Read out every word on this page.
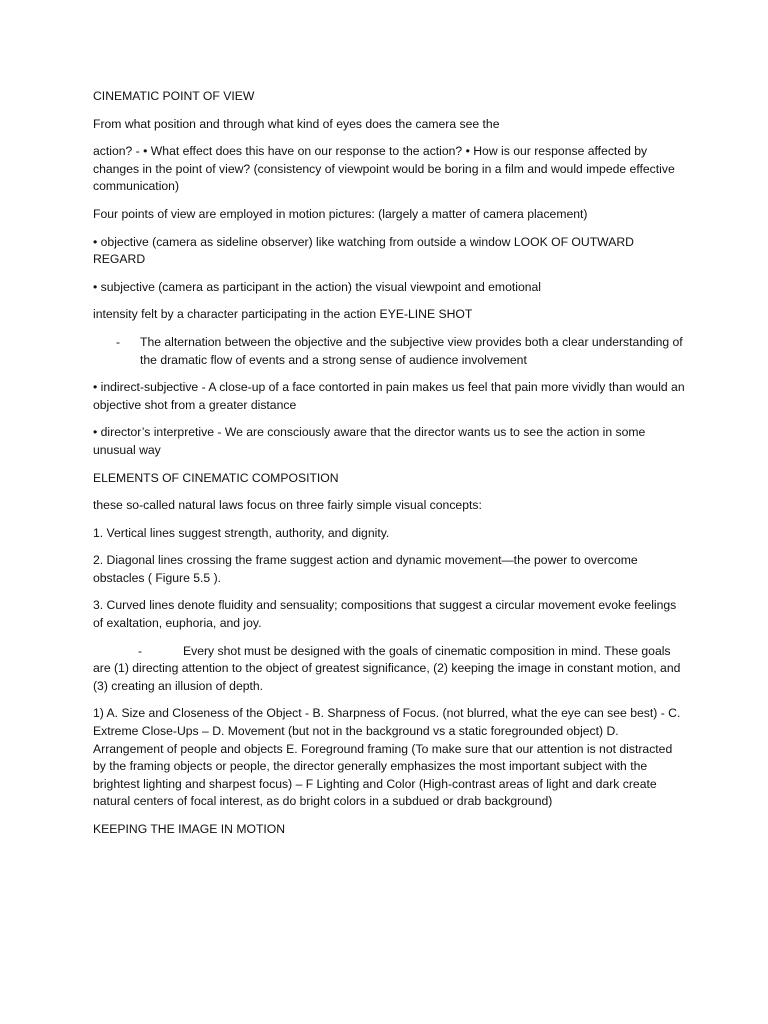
CINEMATIC POINT OF VIEW

From what position and through what kind of eyes does the camera see the

action? - • What effect does this have on our response to the action? • How is our response affected by changes in the point of view? (consistency of viewpoint would be boring in a film and would impede effective communication)

Four points of view are employed in motion pictures: (largely a matter of camera placement)

• objective (camera as sideline observer) like watching from outside a window LOOK OF OUTWARD REGARD

• subjective (camera as participant in the action) the visual viewpoint and emotional

intensity felt by a character participating in the action EYE-LINE SHOT

- The alternation between the objective and the subjective view provides both a clear understanding of the dramatic flow of events and a strong sense of audience involvement

• indirect-subjective - A close-up of a face contorted in pain makes us feel that pain more vividly than would an objective shot from a greater distance

• director’s interpretive - We are consciously aware that the director wants us to see the action in some unusual way

ELEMENTS OF CINEMATIC COMPOSITION

these so-called natural laws focus on three fairly simple visual concepts:

1. Vertical lines suggest strength, authority, and dignity.

2. Diagonal lines crossing the frame suggest action and dynamic movement—the power to overcome obstacles ( Figure 5.5 ).

3. Curved lines denote fluidity and sensuality; compositions that suggest a circular movement evoke feelings of exaltation, euphoria, and joy.

-	Every shot must be designed with the goals of cinematic composition in mind. These goals are (1) directing attention to the object of greatest significance, (2) keeping the image in constant motion, and (3) creating an illusion of depth.

1) A. Size and Closeness of the Object - B. Sharpness of Focus. (not blurred, what the eye can see best) - C. Extreme Close-Ups – D. Movement (but not in the background vs a static foregrounded object) D. Arrangement of people and objects E. Foreground framing (To make sure that our attention is not distracted by the framing objects or people, the director generally emphasizes the most important subject with the brightest lighting and sharpest focus) – F Lighting and Color (High-contrast areas of light and dark create natural centers of focal interest, as do bright colors in a subdued or drab background)

KEEPING THE IMAGE IN MOTION
